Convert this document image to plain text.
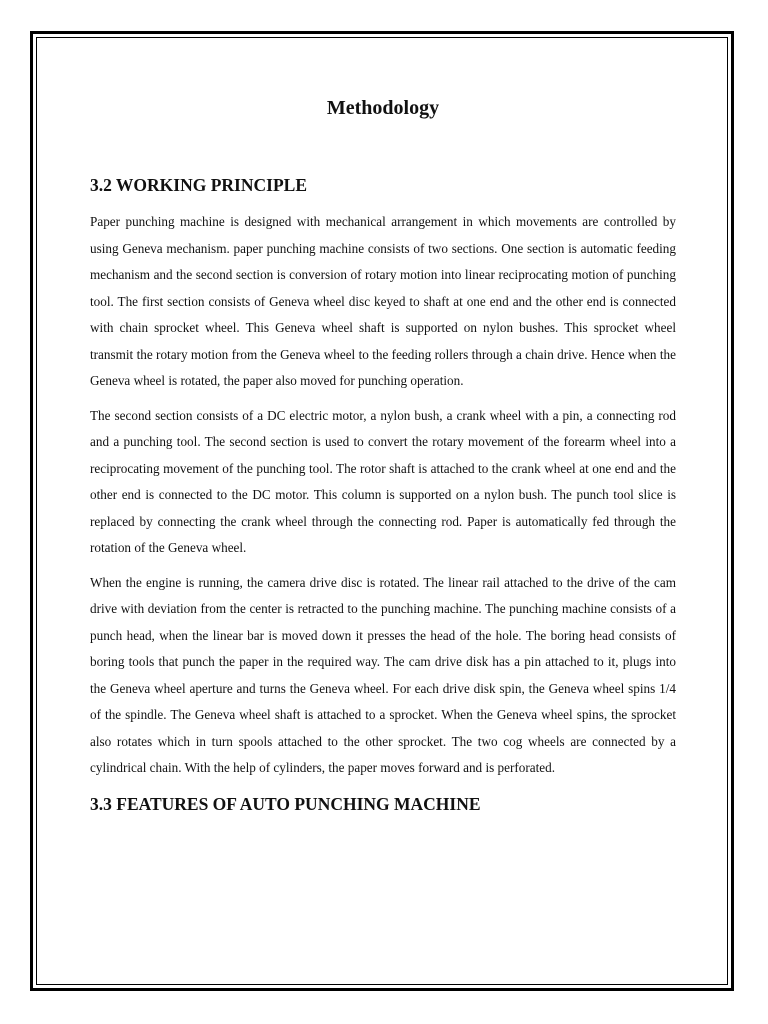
Methodology
3.2 WORKING PRINCIPLE

Paper punching machine is designed with mechanical arrangement in which movements are controlled by using Geneva mechanism. paper punching machine consists of two sections. One section is automatic feeding mechanism and the second section is conversion of rotary motion into linear reciprocating motion of punching tool. The first section consists of Geneva wheel disc keyed to shaft at one end and the other end is connected with chain sprocket wheel. This Geneva wheel shaft is supported on nylon bushes. This sprocket wheel transmit the rotary motion from the Geneva wheel to the feeding rollers through a chain drive. Hence when the Geneva wheel is rotated, the paper also moved for punching operation.

The second section consists of a DC electric motor, a nylon bush, a crank wheel with a pin, a connecting rod and a punching tool. The second section is used to convert the rotary movement of the forearm wheel into a reciprocating movement of the punching tool. The rotor shaft is attached to the crank wheel at one end and the other end is connected to the DC motor. This column is supported on a nylon bush. The punch tool slice is replaced by connecting the crank wheel through the connecting rod. Paper is automatically fed through the rotation of the Geneva wheel.

When the engine is running, the camera drive disc is rotated. The linear rail attached to the drive of the cam drive with deviation from the center is retracted to the punching machine. The punching machine consists of a punch head, when the linear bar is moved down it presses the head of the hole. The boring head consists of boring tools that punch the paper in the required way. The cam drive disk has a pin attached to it, plugs into the Geneva wheel aperture and turns the Geneva wheel. For each drive disk spin, the Geneva wheel spins 1/4 of the spindle. The Geneva wheel shaft is attached to a sprocket. When the Geneva wheel spins, the sprocket also rotates which in turn spools attached to the other sprocket. The two cog wheels are connected by a cylindrical chain. With the help of cylinders, the paper moves forward and is perforated.

3.3 FEATURES OF AUTO PUNCHING MACHINE
